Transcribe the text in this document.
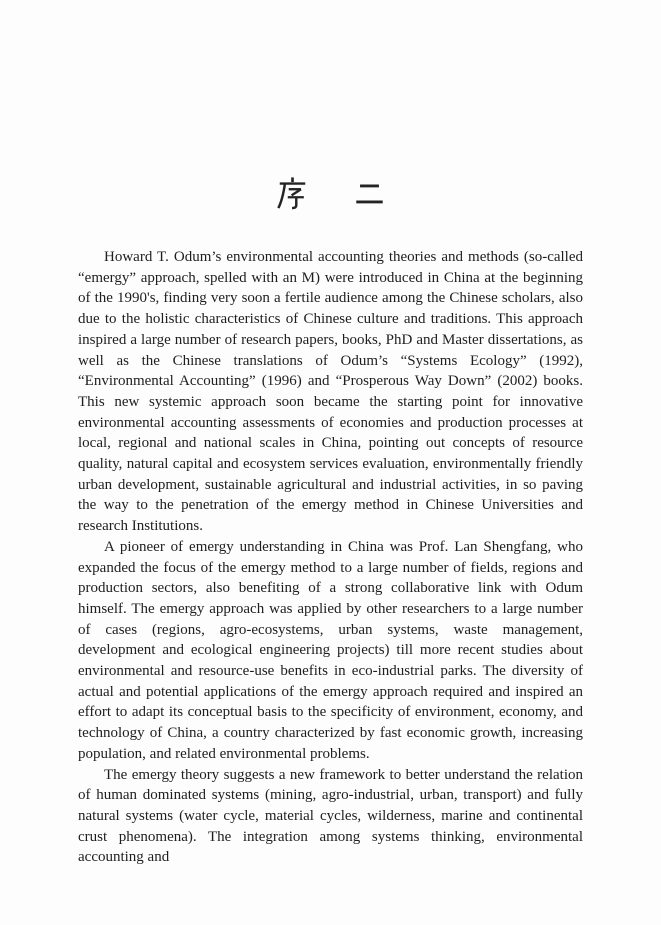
Howard T. Odum’s environmental accounting theories and methods (so-called “emergy” approach, spelled with an M) were introduced in China at the beginning of the 1990's, finding very soon a fertile audience among the Chinese scholars, also due to the holistic characteristics of Chinese culture and traditions. This approach inspired a large number of research papers, books, PhD and Master dissertations, as well as the Chinese translations of Odum’s “Systems Ecology” (1992), “Environmental Accounting” (1996) and “Prosperous Way Down” (2002) books. This new systemic approach soon became the starting point for innovative environmental accounting assessments of economies and production processes at local, regional and national scales in China, pointing out concepts of resource quality, natural capital and ecosystem services evaluation, environmentally friendly urban development, sustainable agricultural and industrial activities, in so paving the way to the penetration of the emergy method in Chinese Universities and research Institutions.

A pioneer of emergy understanding in China was Prof. Lan Shengfang, who expanded the focus of the emergy method to a large number of fields, regions and production sectors, also benefiting of a strong collaborative link with Odum himself. The emergy approach was applied by other researchers to a large number of cases (regions, agro-ecosystems, urban systems, waste management, development and ecological engineering projects) till more recent studies about environmental and resource-use benefits in eco-industrial parks. The diversity of actual and potential applications of the emergy approach required and inspired an effort to adapt its conceptual basis to the specificity of environment, economy, and technology of China, a country characterized by fast economic growth, increasing population, and related environmental problems.

The emergy theory suggests a new framework to better understand the relation of human dominated systems (mining, agro-industrial, urban, transport) and fully natural systems (water cycle, material cycles, wilderness, marine and continental crust phenomena). The integration among systems thinking, environmental accounting and
